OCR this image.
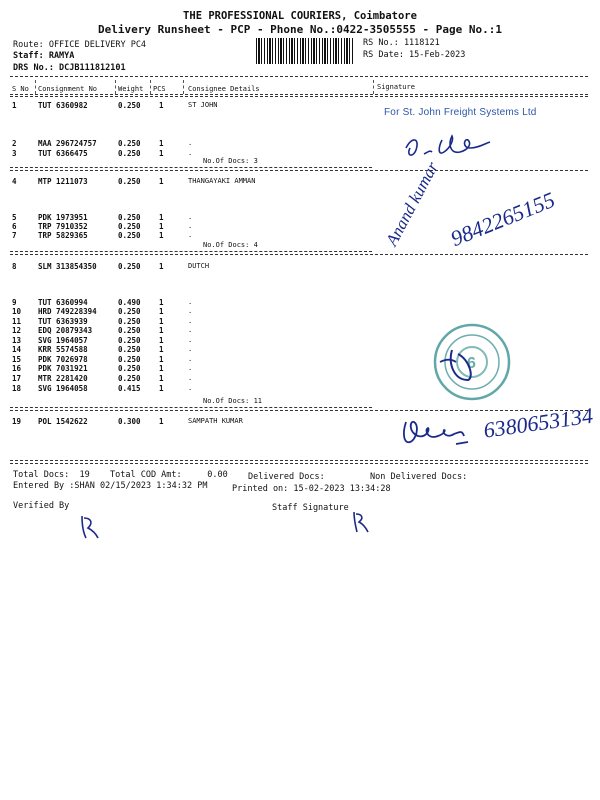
THE PROFESSIONAL COURIERS, Coimbatore
Delivery Runsheet - PCP - Phone No.:0422-3505555 - Page No.:1
Route: OFFICE DELIVERY PC4
Staff: RAMYA
DRS No.: DCJB111812101
RS No.: 1118121
RS Date: 15-Feb-2023
S No Consignment No	Weight PCS	Consignee Details	Signature
1	TUT 6360982	0.250 1	ST JOHN
2	MAA 296724757	0.250 1	.
3	TUT 6366475	0.250 1	.
4	MTP 1211073	0.250 1	THANGAYAKI AMMAN
5	PDK 1973951	0.250 1	.
6	TRP 7910352	0.250 1	.
7	TRP 5829365	0.250 1	.
8	SLM 313854350	0.250 1	DUTCH
9	TUT 6360994	0.490 1	.
10 HRD 749228394	0.250 1	.
11 TUT 6363939	0.250 1	.
12 EDQ 20879343	0.250 1	.
13 SVG 1964057	0.250 1	.
14 KRR 5574588	0.250 1	.
15 PDK 7026978	0.250 1	.
16 PDK 7031921	0.250 1	.
17 MTR 2281420	0.250 1	.
18 SVG 1964058	0.415 1	.
19 POL 1542622	0.300 1	SAMPATH KUMAR
No.Of Docs: 3
No.Of Docs: 4
No.Of Docs: 11
For St. John Freight Systems Ltd
Anand kumar 9842265155
6
6380653134
Total Docs:  19 Total COD Amt:     0.00 Delivered Docs:	Non Delivered Docs:
Entered By :SHAN 02/15/2023 1:34:32 PM	Printed on: 15-02-2023 13:34:28
Verified By	Staff Signature
